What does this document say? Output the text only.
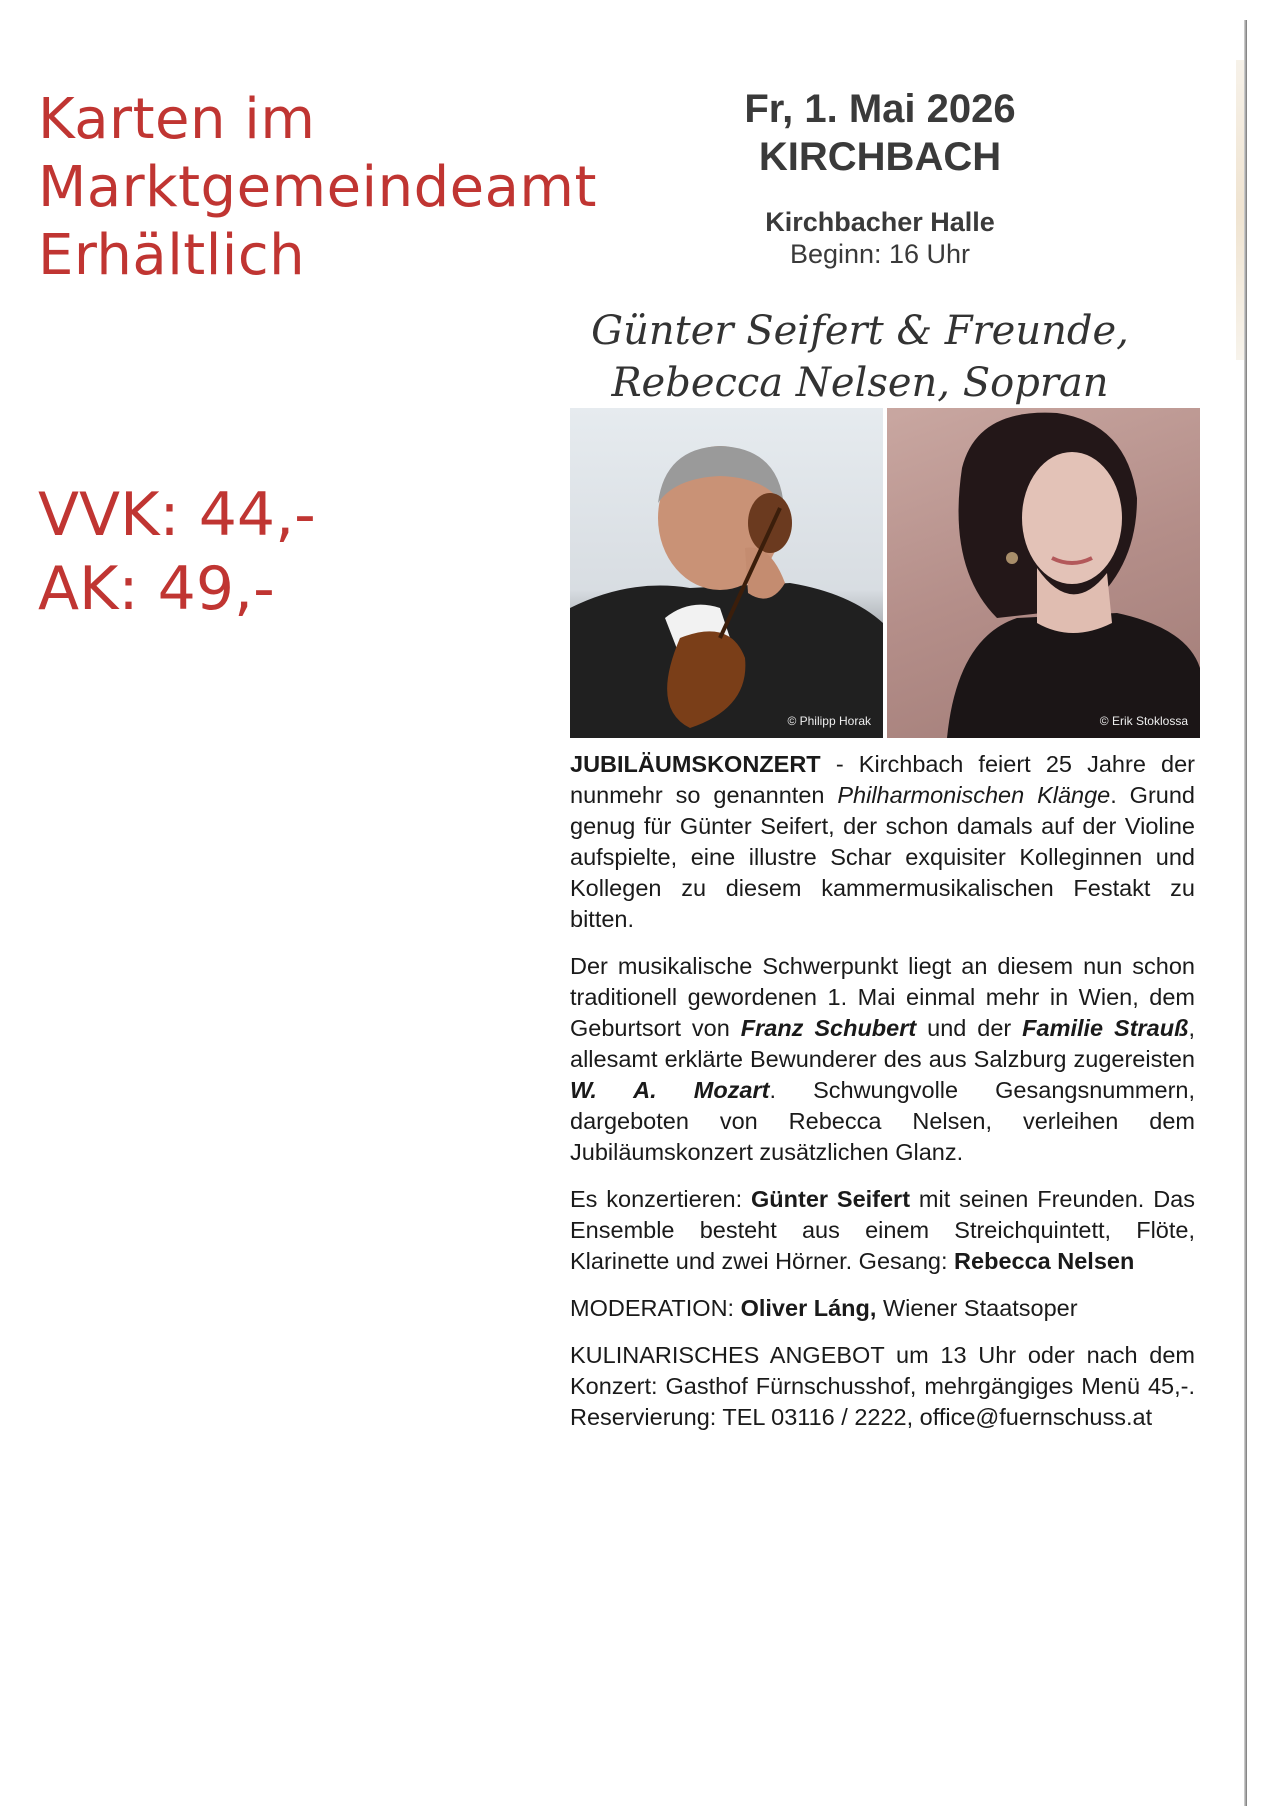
Karten im
Marktgemeindeamt
Erhältlich
VVK: 44,-
AK: 49,-
Fr, 1. Mai 2026
KIRCHBACH
Kirchbacher Halle
Beginn: 16 Uhr
Günter Seifert & Freunde,
Rebecca Nelsen, Sopran
© Philipp Horak	© Erik Stoklossa

JUBILÄUMSKONZERT - Kirchbach feiert 25 Jahre der nunmehr so genannten Philharmonischen Klänge. Grund genug für Günter Seifert, der schon damals auf der Violine aufspielte, eine illustre Schar exquisiter Kolleginnen und Kollegen zu diesem kammermusikalischen Festakt zu bitten.

Der musikalische Schwerpunkt liegt an diesem nun schon traditionell gewordenen 1. Mai einmal mehr in Wien, dem Geburtsort von Franz Schubert und der Familie Strauß, allesamt erklärte Bewunderer des aus Salzburg zugereisten W. A. Mozart. Schwungvolle Gesangsnummern, dargeboten von Rebecca Nelsen, verleihen dem Jubiläumskonzert zusätzlichen Glanz.

Es konzertieren: Günter Seifert mit seinen Freunden. Das Ensemble besteht aus einem Streichquintett, Flöte, Klarinette und zwei Hörner. Gesang: Rebecca Nelsen

MODERATION: Oliver Láng, Wiener Staatsoper

KULINARISCHES ANGEBOT um 13 Uhr oder nach dem Konzert: Gasthof Fürnschusshof, mehrgängiges Menü 45,-. Reservierung: TEL 03116 / 2222, office@fuernschuss.at
